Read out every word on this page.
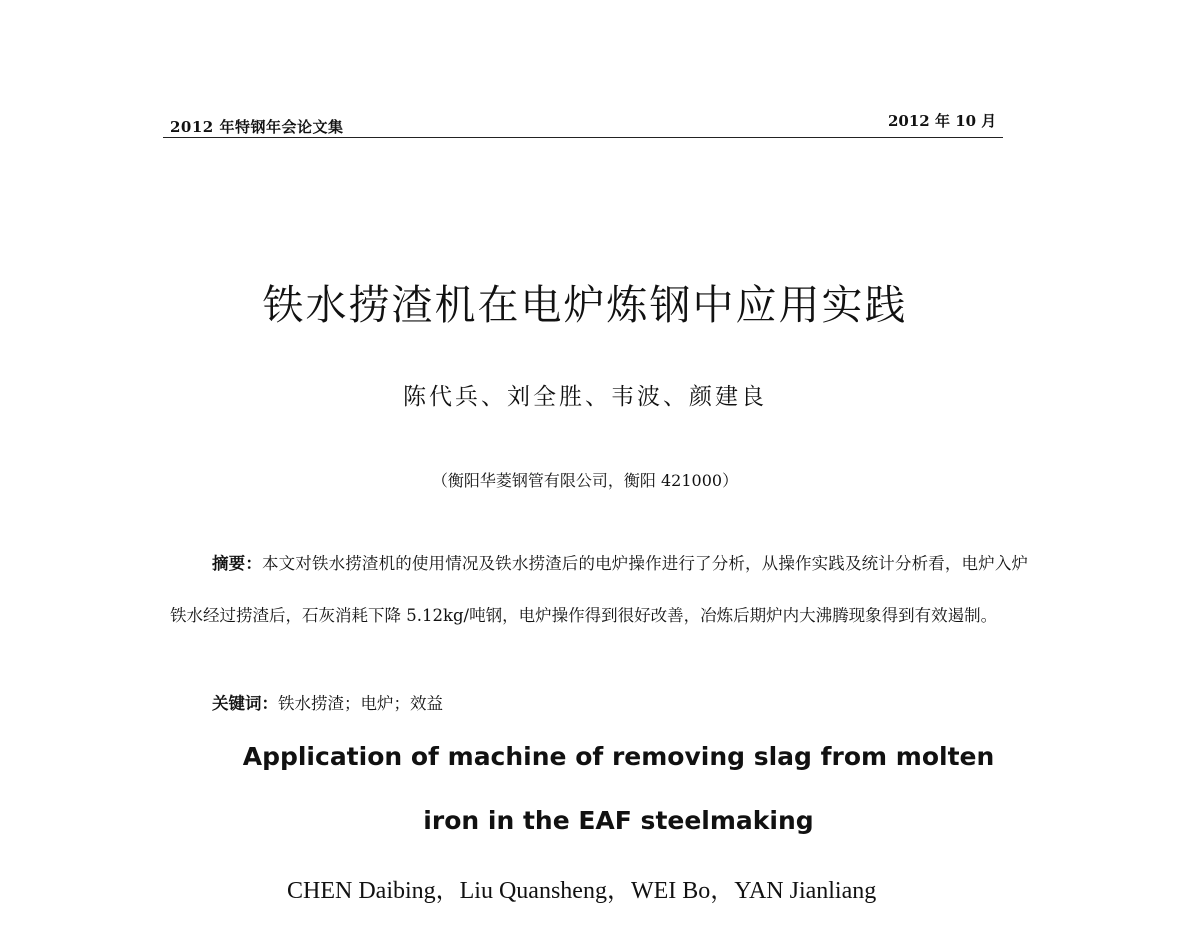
2012 年特钢年会论文集	2012 年 10 月
铁水捞渣机在电炉炼钢中应用实践
陈代兵、刘全胜、韦波、颜建良
（衡阳华菱钢管有限公司，衡阳 421000）
摘要：本文对铁水捞渣机的使用情况及铁水捞渣后的电炉操作进行了分析，从操作实践及统计分析看，电炉入炉铁水经过捞渣后，石灰消耗下降 5.12kg/吨钢，电炉操作得到很好改善，冶炼后期炉内大沸腾现象得到有效遏制。
关键词：铁水捞渣；电炉；效益
Application of machine of removing slag from molten
iron in the EAF steelmaking
CHEN Daibing，Liu Quansheng，WEI Bo，YAN Jianliang
